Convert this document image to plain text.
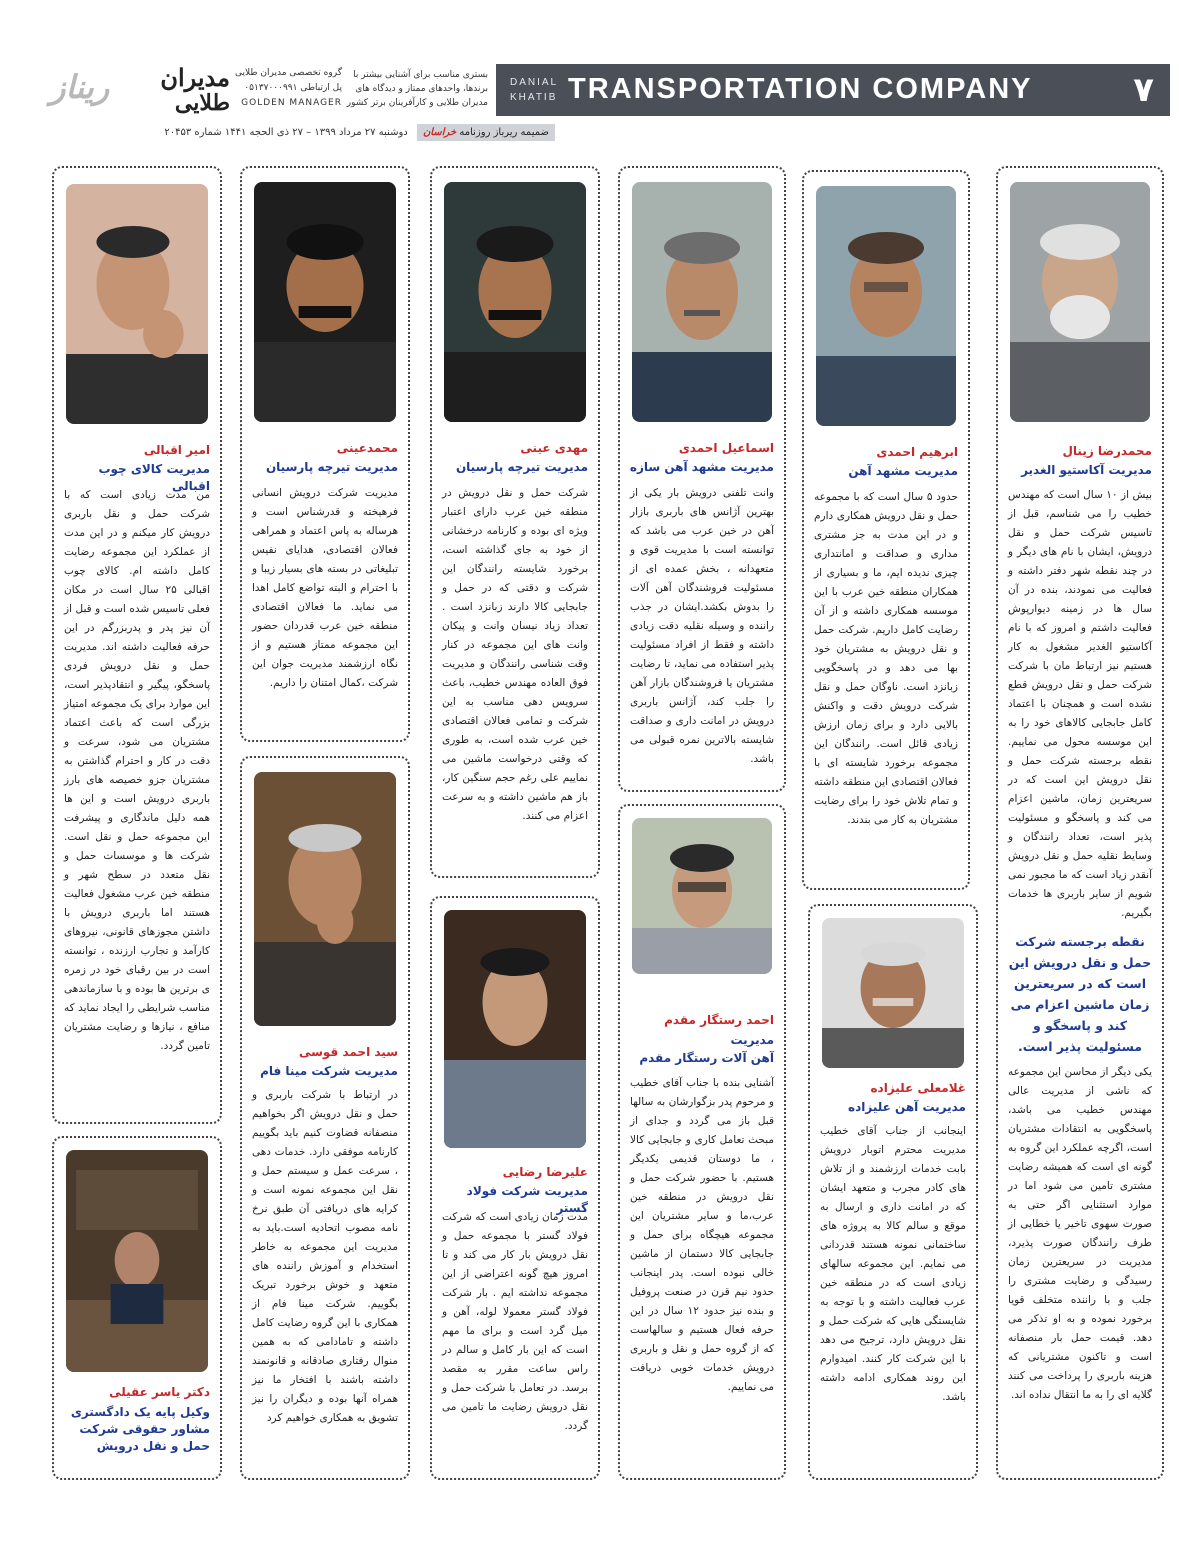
ریناز مدیران
طلایی
گروه تخصصی مدیران طلایی
پل ارتباطی ۰۵۱۳۷۰۰۰۹۹۱
GOLDEN MANAGER
بستری مناسب برای آشنایی بیشتر با برندها، واحدهای ممتاز و دیدگاه های مدیران طلایی و کارآفرینان برتر کشور
DANIAL
KHATIB TRANSPORTATION COMPANY	۷
ضمیمه ریرباز روزنامه خراسان دوشنبه ۲۷ مرداد ۱۳۹۹ – ۲۷ ذی الحجه ۱۴۴۱ شماره ۲۰۴۵۳
محمدرضا زینال
مدیریت آکاستیو الغدیر
بیش از ۱۰ سال است که مهندس خطیب را می شناسم، قبل از تاسیس شرکت حمل و نقل درویش، ایشان با نام های دیگر و در چند نقطه شهر دفتر داشته و فعالیت می نمودند، بنده در آن سال ها در زمینه دیوارپوش فعالیت داشتم و امروز که با نام آکاستیو الغدیر مشغول به کار هستیم نیز ارتباط مان با شرکت شرکت حمل و نقل درویش قطع نشده است و همچنان با اعتماد کامل جابجایی کالاهای خود را به این موسسه محول می نماییم. نقطه برجسته شرکت حمل و نقل درویش این است که در سریعترین زمان، ماشین اعزام می کند و پاسخگو و مسئولیت پذیر است، تعداد رانندگان و وسایط نقلیه حمل و نقل درویش آنقدر زیاد است که ما مجبور نمی شویم از سایر باربری ها خدمات بگیریم.
نقطه برجسته شرکت حمل و نقل درویش این است که در سریعترین زمان ماشین اعزام می کند و پاسخگو و مسئولیت پذیر است.
یکی دیگر از محاسن این مجموعه که ناشی از مدیریت عالی مهندس خطیب می باشد، پاسخگویی به انتقادات مشتریان است، اگرچه عملکرد این گروه به گونه ای است که همیشه رضایت مشتری تامین می شود اما در موارد استثنایی اگر حتی به صورت سهوی تاخیر یا خطایی از طرف رانندگان صورت پذیرد، مدیریت در سریعترین زمان رسیدگی و رضایت مشتری را جلب و با راننده متخلف قویا برخورد نموده و به او تذکر می دهد. قیمت حمل بار منصفانه است و تاکنون مشتریانی که هزینه باربری را پرداخت می کنند گلایه ای را به ما انتقال نداده اند.
ابرهیم احمدی
مدیریت مشهد آهن
حدود ۵ سال است که با مجموعه حمل و نقل درویش همکاری دارم و در این مدت به جز مشتری مداری و صداقت و امانتداری چیزی ندیده ایم، ما و بسیاری از همکاران منطقه خین عرب با این موسسه همکاری داشته و از آن رضایت کامل داریم. شرکت حمل و نقل درویش به مشتریان خود بها می دهد و در پاسخگویی زبانزد است. ناوگان حمل و نقل شرکت درویش دقت و واکنش بالایی دارد و برای زمان ارزش زیادی قائل است. رانندگان این مجموعه برخورد شایسته ای با فعالان اقتصادی این منطقه داشته و تمام تلاش خود را برای رضایت مشتریان به کار می بندند.
غلامعلی علیزاده
مدیریت آهن علیزاده
اینجانب از جناب آقای خطیب مدیریت محترم اتوبار درویش بابت خدمات ارزشمند و از تلاش های کادر مجرب و متعهد ایشان که در امانت داری و ارسال به موقع و سالم کالا به پروژه های ساختمانی نمونه هستند قدردانی می نمایم. این مجموعه سالهای زیادی است که در منطقه خین عرب فعالیت داشته و با توجه به شایستگی هایی که شرکت حمل و نقل درویش دارد، ترجیح می دهد با این شرکت کار کنند. امیدوارم این روند همکاری ادامه داشته باشد.
اسماعیل احمدی
مدیریت مشهد آهن سازه
وانت تلفنی درویش بار یکی از بهترین آژانس های باربری بازار آهن در خین عرب می باشد که توانسته است با مدیریت قوی و متعهدانه ، بخش عمده ای از مسئولیت فروشندگان آهن آلات را بدوش بکشد.ایشان در جذب راننده و وسیله نقلیه دقت زیادی داشته و فقط از افراد مسئولیت پذیر استفاده می نماید، تا رضایت مشتریان یا فروشندگان بازار آهن را جلب کند، آژانس باربری درویش در امانت داری و صداقت شایسته بالاترین نمره قبولی می باشد.
احمد رستگار مقدم
مدیریت
آهن آلات رستگار مقدم
آشنایی بنده با جناب آقای خطیب و مرحوم پدر بزگوارشان به سالها قبل باز می گردد و جدای از مبحث تعامل کاری و جابجایی کالا ، ما دوستان قدیمی یکدیگر هستیم. با حضور شرکت حمل و نقل درویش در منطقه خین عرب،ما و سایر مشتریان این مجموعه هیچگاه برای حمل و جابجایی کالا دستمان از ماشین خالی نبوده است. پدر اینجانب حدود نیم قرن در صنعت پروفیل و بنده نیز حدود ۱۲ سال در این حرفه فعال هستیم و سالهاست که از گروه حمل و نقل و باربری درویش خدمات خوبی دریافت می نماییم.
مهدی عینی
مدیریت تیرچه پارسیان
شرکت حمل و نقل درویش در منطقه خین عرب دارای اعتبار ویژه ای بوده و کارنامه درخشانی از خود به جای گذاشته است، برخورد شایسته رانندگان این شرکت و دقتی که در حمل و جابجایی کالا دارند زبانزد است . تعداد زیاد نیسان وانت و پیکان وانت های این مجموعه در کنار وقت شناسی رانندگان و مدیریت فوق العاده مهندس خطیب، باعث سرویس دهی مناسب به این شرکت و تمامی فعالان اقتصادی خین عرب شده است، به طوری که وقتی درخواست ماشین می نماییم علی رغم حجم سنگین کار، باز هم ماشین داشته و به سرعت اعزام می کنند.
علیرضا رضایی
مدیریت شرکت فولاد گستر
مدت زمان زیادی است که شرکت فولاد گستر با مجموعه حمل و نقل درویش بار کار می کند و تا امروز هیچ گونه اعتراضی از این مجموعه نداشته ایم . بار شرکت فولاد گستر معمولا لوله، آهن و میل گرد است و برای ما مهم است که این بار کامل و سالم در راس ساعت مقرر به مقصد برسد. در تعامل با شرکت حمل و نقل درویش رضایت ما تامین می گردد.
محمدعینی
مدیریت تیرچه پارسیان
مدیریت شرکت درویش انسانی فرهیخته و قدرشناس است و هرساله به پاس اعتماد و همراهی فعالان اقتصادی، هدایای نفیس تبلیغاتی در بسته های بسیار زیبا و با احترام و البته تواضع کامل اهدا می نماید. ما فعالان اقتصادی منطقه خین عرب قدردان حضور این مجموعه ممتاز هستیم و از نگاه ارزشمند مدیریت جوان این شرکت ،کمال امتنان را داریم.
سید احمد قوسی
مدیریت شرکت مینا فام
در ارتباط با شرکت باربری و حمل و نقل درویش اگر بخواهیم منصفانه قضاوت کنیم باید بگوییم کارنامه موفقی دارد. خدمات دهی ، سرعت عمل و سیستم حمل و نقل این مجموعه نمونه است و کرایه های دریافتی آن طبق نرخ نامه مصوب اتحادیه است.باید به مدیریت این مجموعه به خاطر استخدام و آموزش راننده های متعهد و خوش برخورد تبریک بگوییم. شرکت مینا فام از همکاری با این گروه رضایت کامل داشته و تامادامی که به همین منوال رفتاری صادقانه و قانونمند داشته باشند با افتخار ما نیز همراه آنها بوده و دیگران را نیز تشویق به همکاری خواهیم کرد
امیر اقبالی
مدیریت کالای چوب اقبالی
من مدت زیادی است که با شرکت حمل و نقل باربری درویش کار میکنم و در این مدت از عملکرد این مجموعه رضایت کامل داشته ام. کالای چوب اقبالی ۲۵ سال است در مکان فعلی تاسیس شده است و قبل از آن نیز پدر و پدربزرگم در این حرفه فعالیت داشته اند. مدیریت حمل و نقل درویش فردی پاسخگو، پیگیر و انتقادپذیر است، این موارد برای یک مجموعه امتیاز بزرگی است که باعث اعتماد مشتریان می شود، سرعت و دقت در کار و احترام گذاشتن به مشتریان جزو خصیصه های بارز باربری درویش است و این ها همه دلیل ماندگاری و پیشرفت این مجموعه حمل و نقل است. شرکت ها و موسسات حمل و نقل متعدد در سطح شهر و منطقه خین عرب مشغول فعالیت هستند اما باربری درویش با داشتن مجوزهای قانونی، نیروهای کارآمد و تجارب ارزنده ، توانسته است در بین رقبای خود در زمره ی برترین ها بوده و با سازماندهی مناسب شرایطی را ایجاد نماید که منافع ، نیازها و رضایت مشتریان تامین گردد.
دکتر یاسر عقیلی
وکیل پایه یک دادگستری مشاور حقوقی شرکت حمل و نقل درویش
